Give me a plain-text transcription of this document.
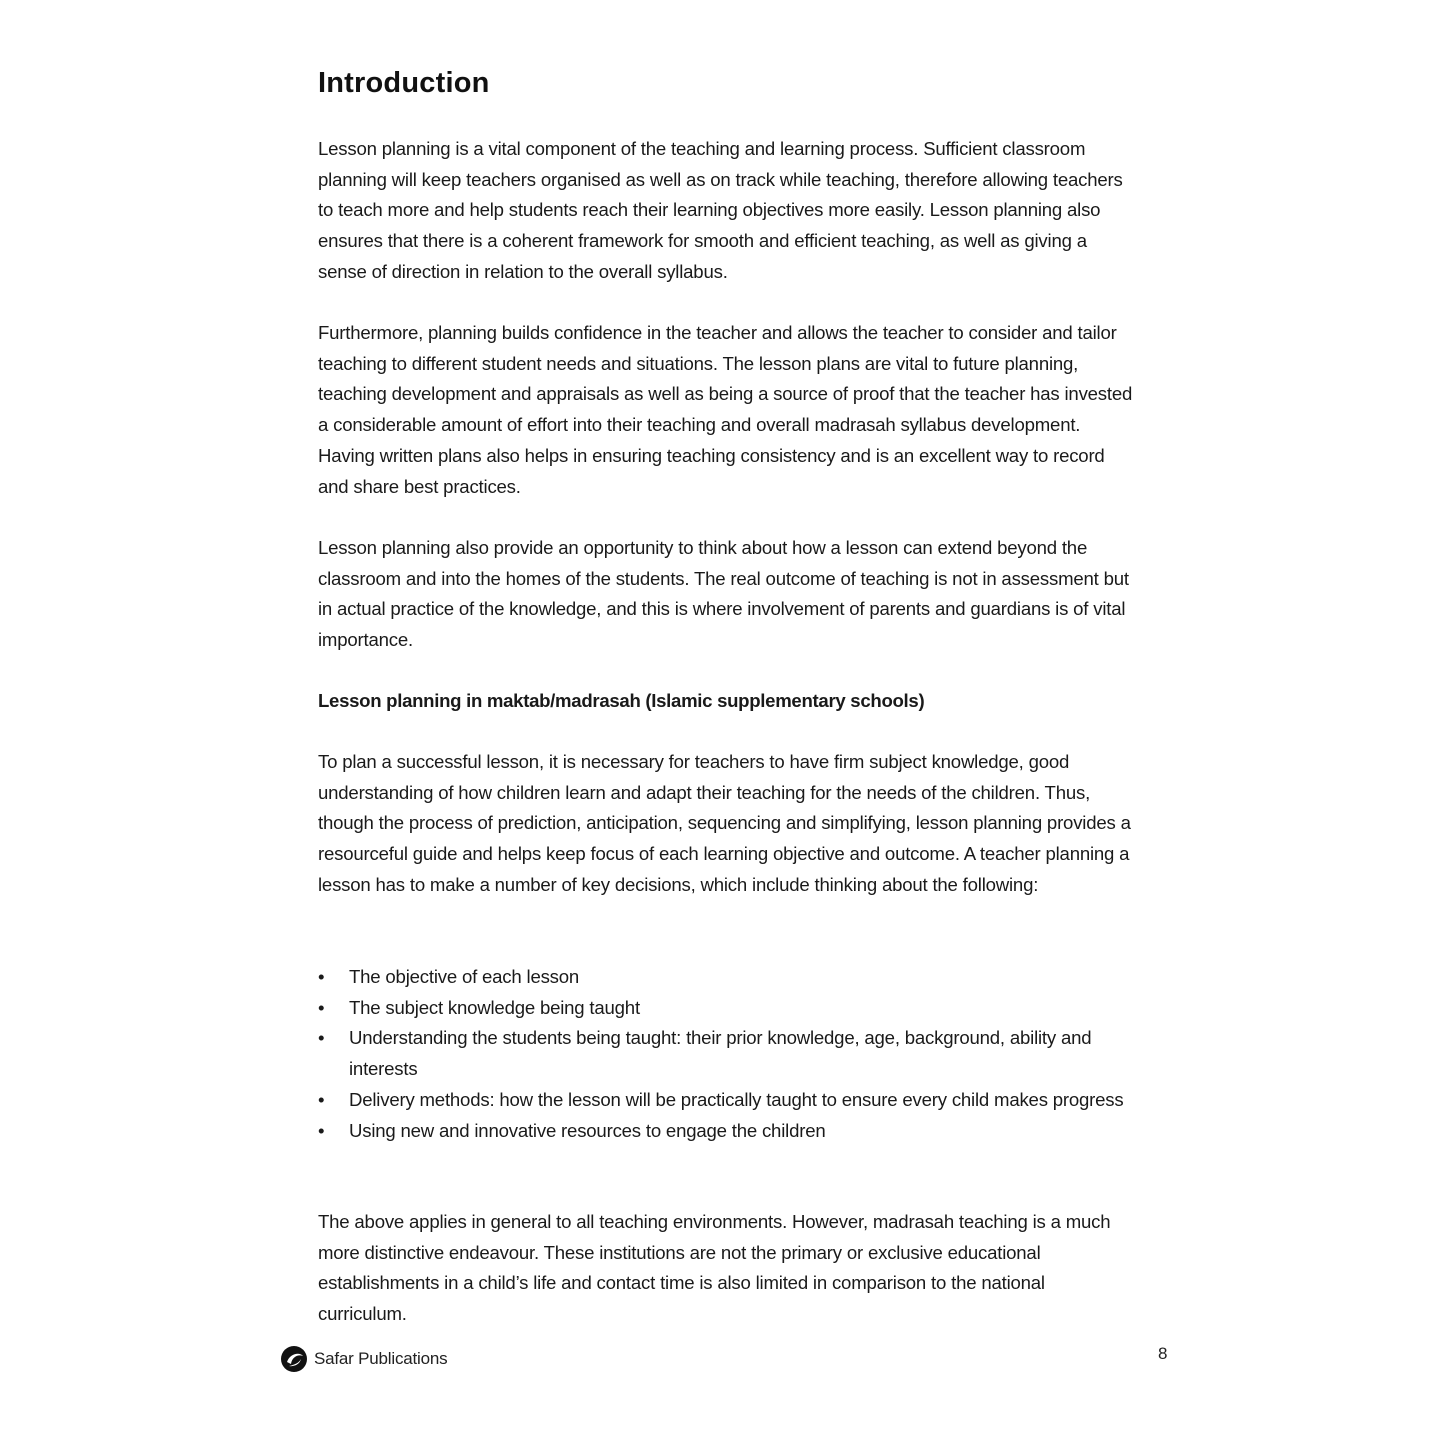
Introduction

Lesson planning is a vital component of the teaching and learning process. Sufficient classroom planning will keep teachers organised as well as on track while teaching, therefore allowing teachers to teach more and help students reach their learning objectives more easily. Lesson planning also ensures that there is a coherent framework for smooth and efficient teaching, as well as giving a sense of direction in relation to the overall syllabus.

Furthermore, planning builds confidence in the teacher and allows the teacher to consider and tailor teaching to different student needs and situations. The lesson plans are vital to future planning, teaching development and appraisals as well as being a source of proof that the teacher has invested a considerable amount of effort into their teaching and overall madrasah syllabus development. Having written plans also helps in ensuring teaching consistency and is an excellent way to record and share best practices.

Lesson planning also provide an opportunity to think about how a lesson can extend beyond the classroom and into the homes of the students. The real outcome of teaching is not in assessment but in actual practice of the knowledge, and this is where involvement of parents and guardians is of vital importance.

Lesson planning in maktab/madrasah (Islamic supplementary schools)

To plan a successful lesson, it is necessary for teachers to have firm subject knowledge, good understanding of how children learn and adapt their teaching for the needs of the children. Thus, though the process of prediction, anticipation, sequencing and simplifying, lesson planning provides a resourceful guide and helps keep focus of each learning objective and outcome. A teacher planning a lesson has to make a number of key decisions, which include thinking about the following:

• The objective of each lesson
• The subject knowledge being taught
• Understanding the students being taught: their prior knowledge, age, background, ability and interests
• Delivery methods: how the lesson will be practically taught to ensure every child makes progress
• Using new and innovative resources to engage the children

The above applies in general to all teaching environments. However, madrasah teaching is a much more distinctive endeavour. These institutions are not the primary or exclusive educational establishments in a child’s life and contact time is also limited in comparison to the national curriculum.

Safar Publications	8
